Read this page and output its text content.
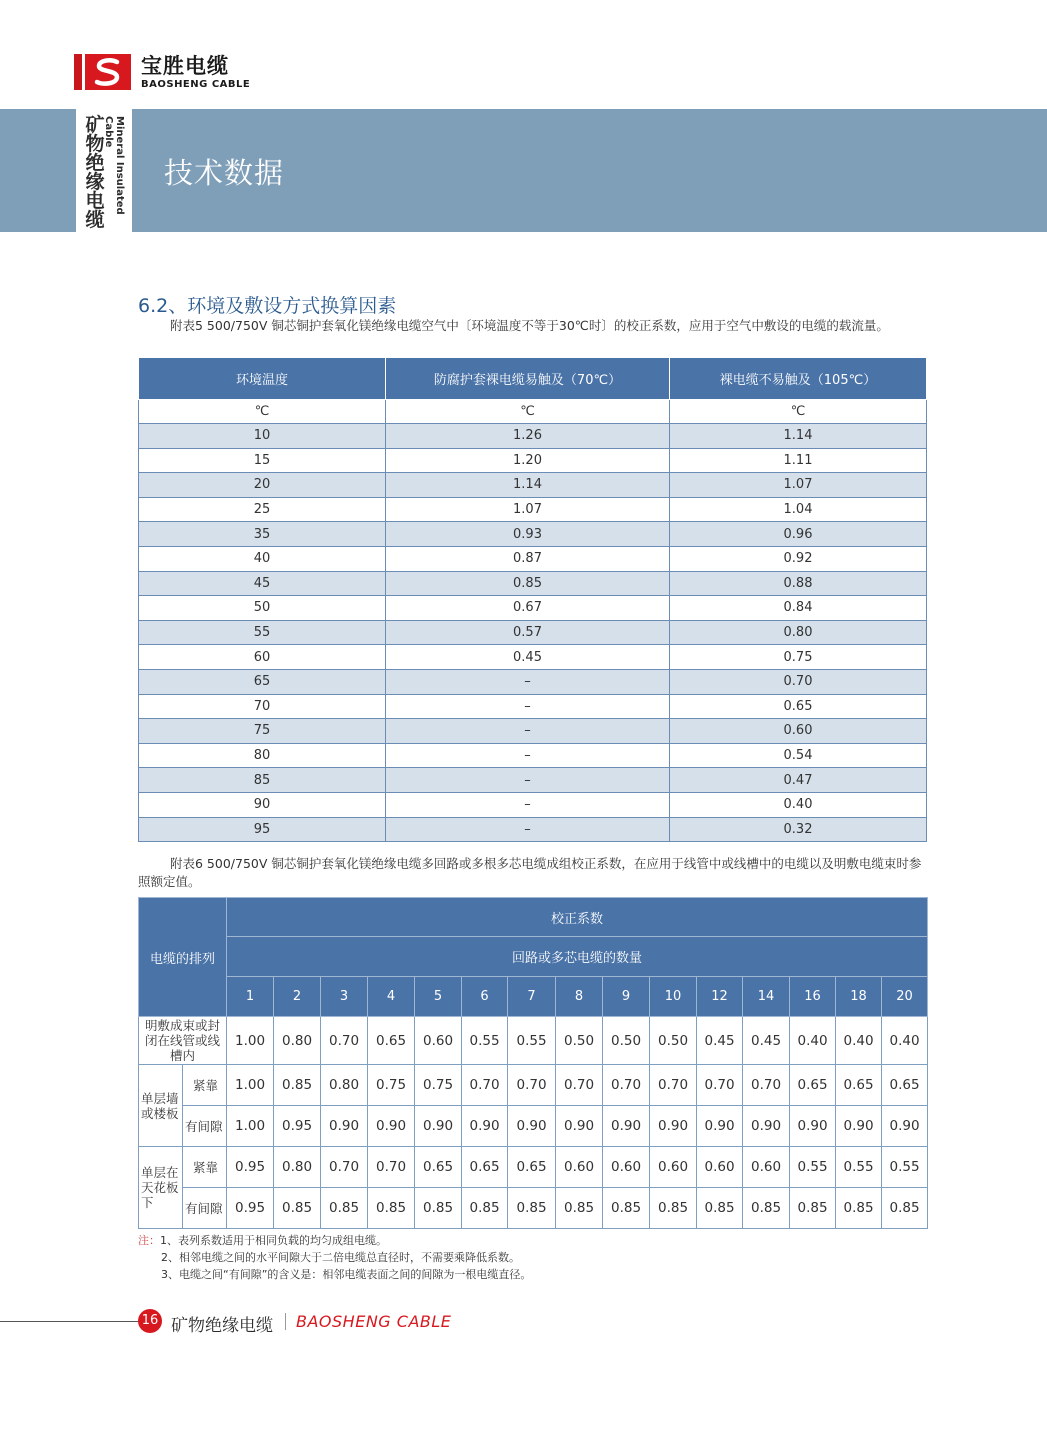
宝胜电缆
BAOSHENG CABLE
矿物绝缘电缆
Mineral Insulated Cable
技术数据
6.2、环境及敷设方式换算因素
附表5 500/750V 铜芯铜护套氧化镁绝缘电缆空气中〔环境温度不等于30℃时〕的校正系数，应用于空气中敷设的电缆的载流量。
环境温度	防腐护套裸电缆易触及（70℃）	裸电缆不易触及（105℃）
℃	℃	℃
10	1.26	1.14
15	1.20	1.11
20	1.14	1.07
25	1.07	1.04
35	0.93	0.96
40	0.87	0.92
45	0.85	0.88
50	0.67	0.84
55	0.57	0.80
60	0.45	0.75
65	–	0.70
70	–	0.65
75	–	0.60
80	–	0.54
85	–	0.47
90	–	0.40
95	–	0.32
附表6 500/750V 铜芯铜护套氧化镁绝缘电缆多回路或多根多芯电缆成组校正系数，在应用于线管中或线槽中的电缆以及明敷电缆束时参照额定值。
电缆的排列		校正系数														
		回路或多芯电缆的数量														
		1	2	3	4	5	6	7	8	9	10	12	14	16	18	20
明敷成束或封闭在线管或线槽内		1.00	0.80	0.70	0.65	0.60	0.55	0.55	0.50	0.50	0.50	0.45	0.45	0.40	0.40	0.40
单层墙或楼板	紧靠	1.00	0.85	0.80	0.75	0.75	0.70	0.70	0.70	0.70	0.70	0.70	0.70	0.65	0.65	0.65
	有间隙	1.00	0.95	0.90	0.90	0.90	0.90	0.90	0.90	0.90	0.90	0.90	0.90	0.90	0.90	0.90
单层在天花板下	紧靠	0.95	0.80	0.70	0.70	0.65	0.65	0.65	0.60	0.60	0.60	0.60	0.60	0.55	0.55	0.55
	有间隙	0.95	0.85	0.85	0.85	0.85	0.85	0.85	0.85	0.85	0.85	0.85	0.85	0.85	0.85	0.85
注：1、表列系数适用于相同负载的均匀成组电缆。
2、相邻电缆之间的水平间隙大于二倍电缆总直径时，不需要乘降低系数。
3、电缆之间“有间隙”的含义是：相邻电缆表面之间的间隙为一根电缆直径。
16 矿物绝缘电缆 BAOSHENG CABLE
